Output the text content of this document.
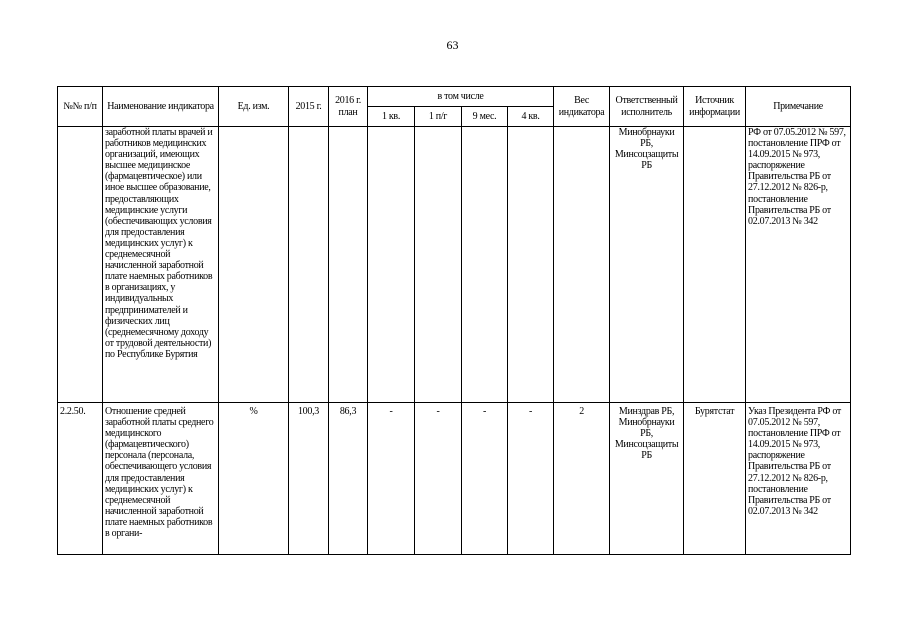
63
№№ п/п	Наименование индикатора	Ед. изм.	2015 г.	2016 г. план	в том числе				Вес индикатора	Ответственный исполнитель	Источник информации	Примечание
					1 кв.	1 п/г	9 мес.	4 кв.				
	заработной платы врачей и работников медицинских организаций, имеющих высшее медицинское (фармацевтическое) или иное высшее образование, предоставляющих медицинские услуги (обеспечивающих условия для предоставления медицинских услуг) к среднемесячной начисленной заработной плате наемных работников в организациях, у индивидуальных предпринимателей и физических лиц (среднемесячному доходу от трудовой деятельности) по Республике Бурятия									Минобрнауки РБ, Минсоцзащиты РБ		РФ от 07.05.2012 № 597, постановление ПРФ от 14.09.2015 № 973, распоряжение Правительства РБ от 27.12.2012 № 826-р, постановление Правительства РБ от 02.07.2013 № 342
2.2.50.	Отношение средней заработной платы среднего медицинского (фармацевтического) персонала (персонала, обеспечивающего условия для предоставления медицинских услуг) к среднемесячной начисленной заработной плате наемных работников в органи-	%	100,3	86,3	-	-	-	-	2	Минздрав РБ, Минобрнауки РБ, Минсоцзащиты РБ	Бурятстат	Указ Президента РФ от 07.05.2012 № 597, постановление ПРФ от 14.09.2015 № 973, распоряжение Правительства РБ от 27.12.2012 № 826-р, постановление Правительства РБ от 02.07.2013 № 342
